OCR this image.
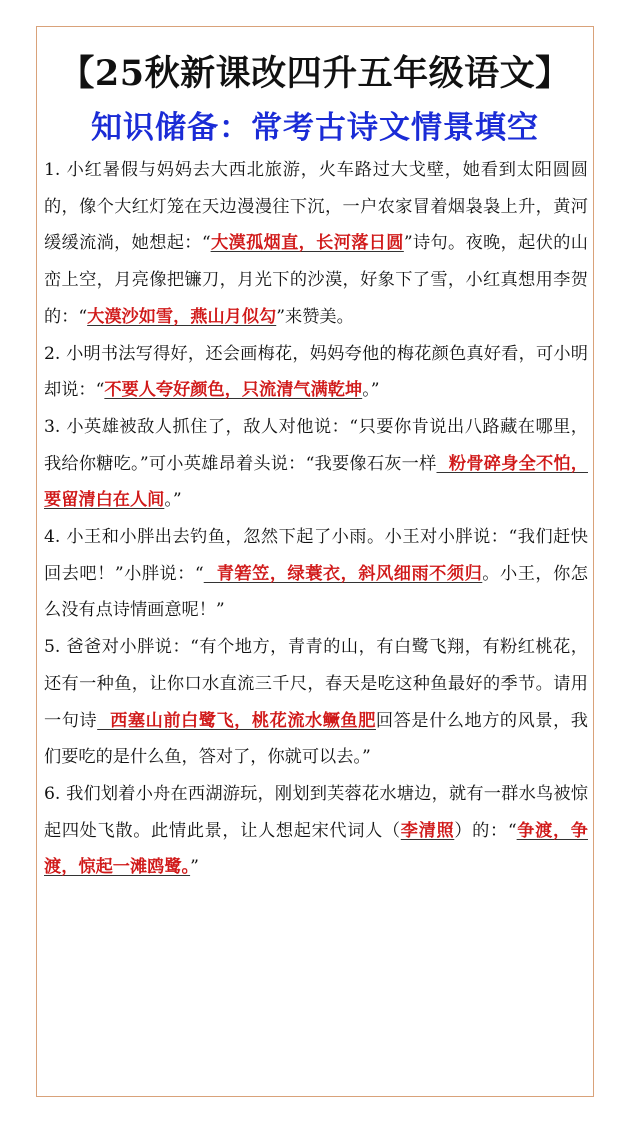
【25秋新课改四升五年级语文】
知识储备：常考古诗文情景填空

1. 小红暑假与妈妈去大西北旅游，火车路过大戈壁，她看到太阳圆圆的，像个大红灯笼在天边漫漫往下沉，一户农家冒着烟袅袅上升，黄河缓缓流淌，她想起：“大漠孤烟直，长河落日圆”诗句。夜晚，起伏的山峦上空，月亮像把镰刀，月光下的沙漠，好象下了雪，小红真想用李贺的：“大漠沙如雪，燕山月似勾”来赞美。

2. 小明书法写得好，还会画梅花，妈妈夸他的梅花颜色真好看，可小明却说：“不要人夸好颜色，只流清气满乾坤。”

3. 小英雄被敌人抓住了，敌人对他说：“只要你肯说出八路藏在哪里，我给你糖吃。”可小英雄昂着头说：“我要像石灰一样  粉骨碎身全不怕，要留清白在人间。”

4. 小王和小胖出去钓鱼，忽然下起了小雨。小王对小胖说：“我们赶快回去吧！”小胖说：“  青箬笠，绿蓑衣，斜风细雨不须归。小王，你怎么没有点诗情画意呢！”

5. 爸爸对小胖说：“有个地方，青青的山，有白鹭飞翔，有粉红桃花，还有一种鱼，让你口水直流三千尺，春天是吃这种鱼最好的季节。请用一句诗  西塞山前白鹭飞，桃花流水鳜鱼肥回答是什么地方的风景，我们要吃的是什么鱼，答对了，你就可以去。”

6. 我们划着小舟在西湖游玩，刚划到芙蓉花水塘边，就有一群水鸟被惊起四处飞散。此情此景，让人想起宋代词人（李清照）的：“争渡，争渡，惊起一滩鸥鹭。”
